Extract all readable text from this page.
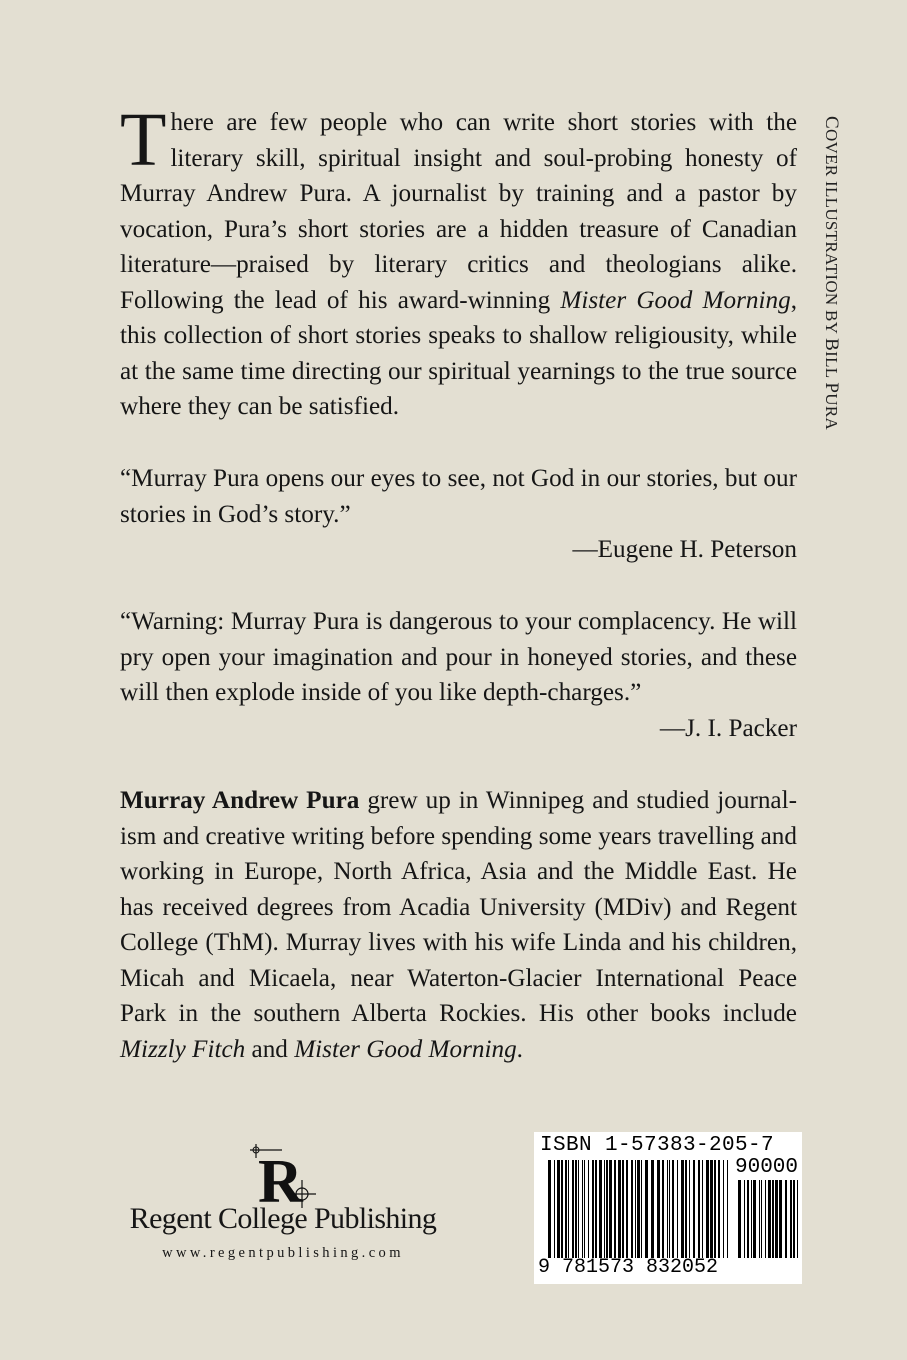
There are few people who can write short stories with the literary skill, spiritual insight and soul-probing honesty of Murray Andrew Pura. A journalist by training and a pastor by vocation, Pura’s short stories are a hidden treasure of Canadian literature—praised by literary critics and theologians alike. Following the lead of his award-winning Mister Good Morning, this collection of short stories speaks to shallow religiousity, while at the same time directing our spiritual yearnings to the true source where they can be satisfied.

“Murray Pura opens our eyes to see, not God in our stories, but our stories in God’s story.”
—Eugene H. Peterson

“Warning: Murray Pura is dangerous to your complacency. He will pry open your imagination and pour in honeyed stories, and these will then explode inside of you like depth-charges.”
—J. I. Packer

Murray Andrew Pura grew up in Winnipeg and studied journalism and creative writing before spending some years travelling and working in Europe, North Africa, Asia and the Middle East. He has received degrees from Acadia University (MDiv) and Regent College (ThM). Murray lives with his wife Linda and his children, Micah and Micaela, near Waterton-Glacier International Peace Park in the southern Alberta Rockies. His other books include Mizzly Fitch and Mister Good Morning.

COVER ILLUSTRATION BY BILL PURA
R
Regent College Publishing
www.regentpublishing.com
ISBN 1-57383-205-7
90000
9 781573 832052
